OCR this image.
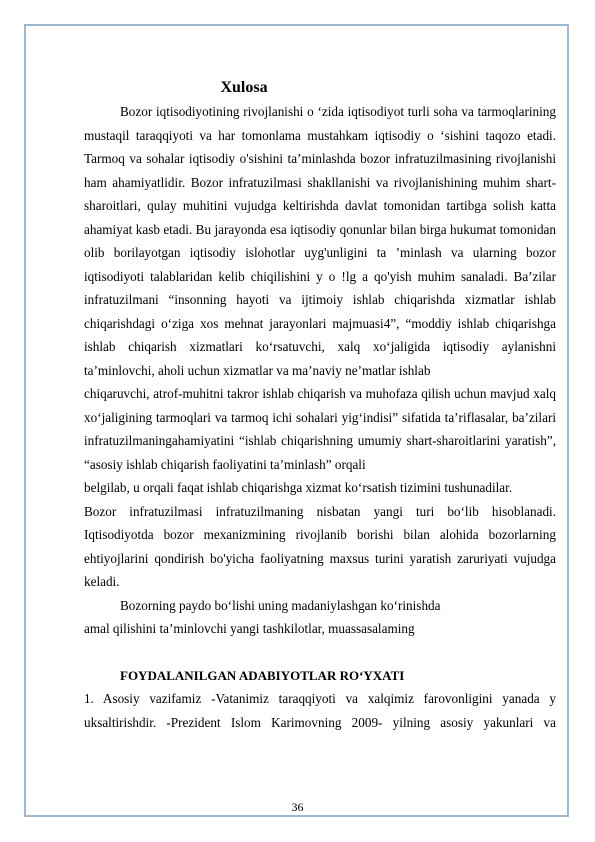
Xulosa

Bozor iqtisodiyotining rivojlanishi o ‘zida iqtisodiyot turli soha va tarmoqlarining mustaqil taraqqiyoti va har tomonlama mustahkam iqtisodiy o ‘sishini taqozo etadi. Tarmoq va sohalar iqtisodiy o'sishini ta’minlashda bozor infratuzilmasining rivojlanishi ham ahamiyatlidir. Bozor infratuzilmasi shakllanishi va rivojlanishining muhim shart- sharoitlari, qulay muhitini vujudga keltirishda davlat tomonidan tartibga solish katta ahamiyat kasb etadi. Bu jarayonda esa iqtisodiy qonunlar bilan birga hukumat tomonidan olib borilayotgan iqtisodiy islohotlar uyg'unligini ta ’minlash va ularning bozor iqtisodiyoti talablaridan kelib chiqilishini y o !lg a qo'yish muhim sanaladi. Ba’zilar infratuzilmani “insonning hayoti va ijtimoiy ishlab chiqarishda xizmatlar ishlab chiqarishdagi o‘ziga xos mehnat jarayonlari majmuasi4”, “moddiy ishlab chiqarishga ishlab chiqarish xizmatlari ko‘rsatuvchi, xalq xo‘jaligida iqtisodiy aylanishni ta’minlovchi, aholi uchun xizmatlar va ma’naviy ne’matlar ishlab

chiqaruvchi, atrof-muhitni takror ishlab chiqarish va muhofaza qilish uchun mavjud xalq xo‘jaligining tarmoqlari va tarmoq ichi sohalari yig‘indisi” sifatida ta’riflasalar, ba’zilari infratuzilmaningahamiyatini “ishlab chiqarishning umumiy shart-sharoitlarini yaratish”, “asosiy ishlab chiqarish faoliyatini ta’minlash” orqali

belgilab, u orqali faqat ishlab chiqarishga xizmat ko‘rsatish tizimini tushunadilar.

Bozor infratuzilmasi infratuzilmaning nisbatan yangi turi bo‘lib hisoblanadi. Iqtisodiyotda bozor mexanizmining rivojlanib borishi bilan alohida bozorlarning ehtiyojlarini qondirish bo'yicha faoliyatning maxsus turini yaratish zaruriyati vujudga keladi.

Bozorning paydo bo‘lishi uning madaniylashgan ko‘rinishda

amal qilishini ta’minlovchi yangi tashkilotlar, muassasalaming

FOYDALANILGAN ADABIYOTLAR RO‘YXATI

1. Asosiy vazifamiz -Vatanimiz taraqqiyoti va xalqimiz farovonligini yanada y uksaltirishdir. -Prezident Islom Karimovning 2009- yilning asosiy yakunlari va

36
